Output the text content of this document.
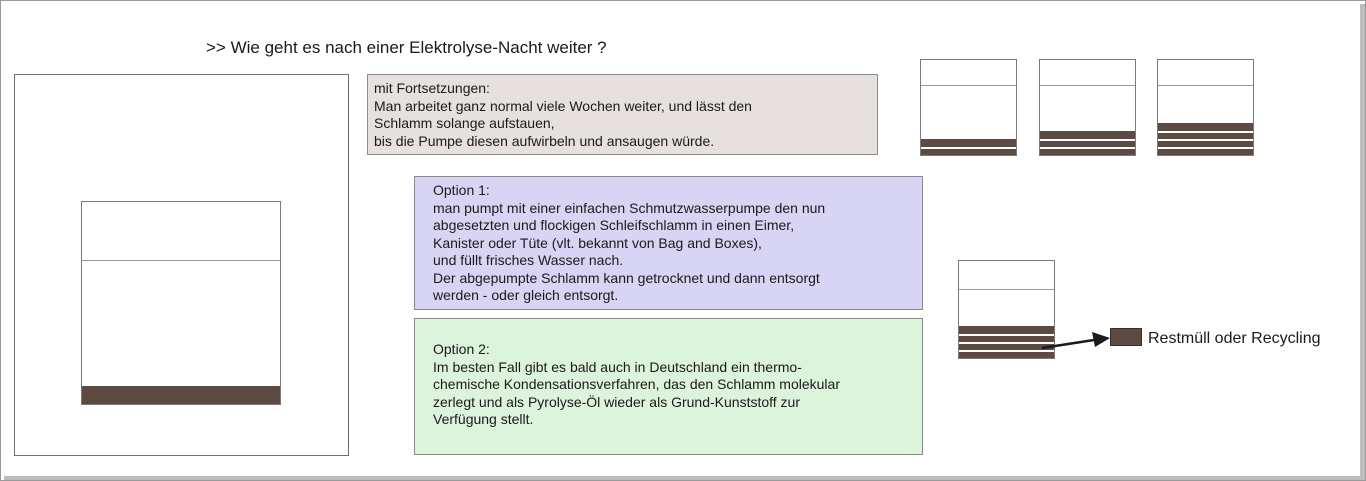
>> Wie geht es nach einer Elektrolyse-Nacht weiter ?
mit Fortsetzungen:
Man arbeitet ganz normal viele Wochen weiter, und lässt den
Schlamm solange aufstauen,
bis die Pumpe diesen aufwirbeln und ansaugen würde.
Option 1:
man pumpt mit einer einfachen Schmutzwasserpumpe den nun
abgesetzten und flockigen Schleifschlamm in einen Eimer,
Kanister oder Tüte (vlt. bekannt von Bag and Boxes),
und füllt frisches Wasser nach.
Der abgepumpte Schlamm kann getrocknet und dann entsorgt
werden - oder gleich entsorgt.
Option 2:
Im besten Fall gibt es bald auch in Deutschland ein thermo-
chemische Kondensationsverfahren, das den Schlamm molekular
zerlegt und als Pyrolyse-Öl wieder als Grund-Kunststoff zur
Verfügung stellt.
Restmüll oder Recycling
